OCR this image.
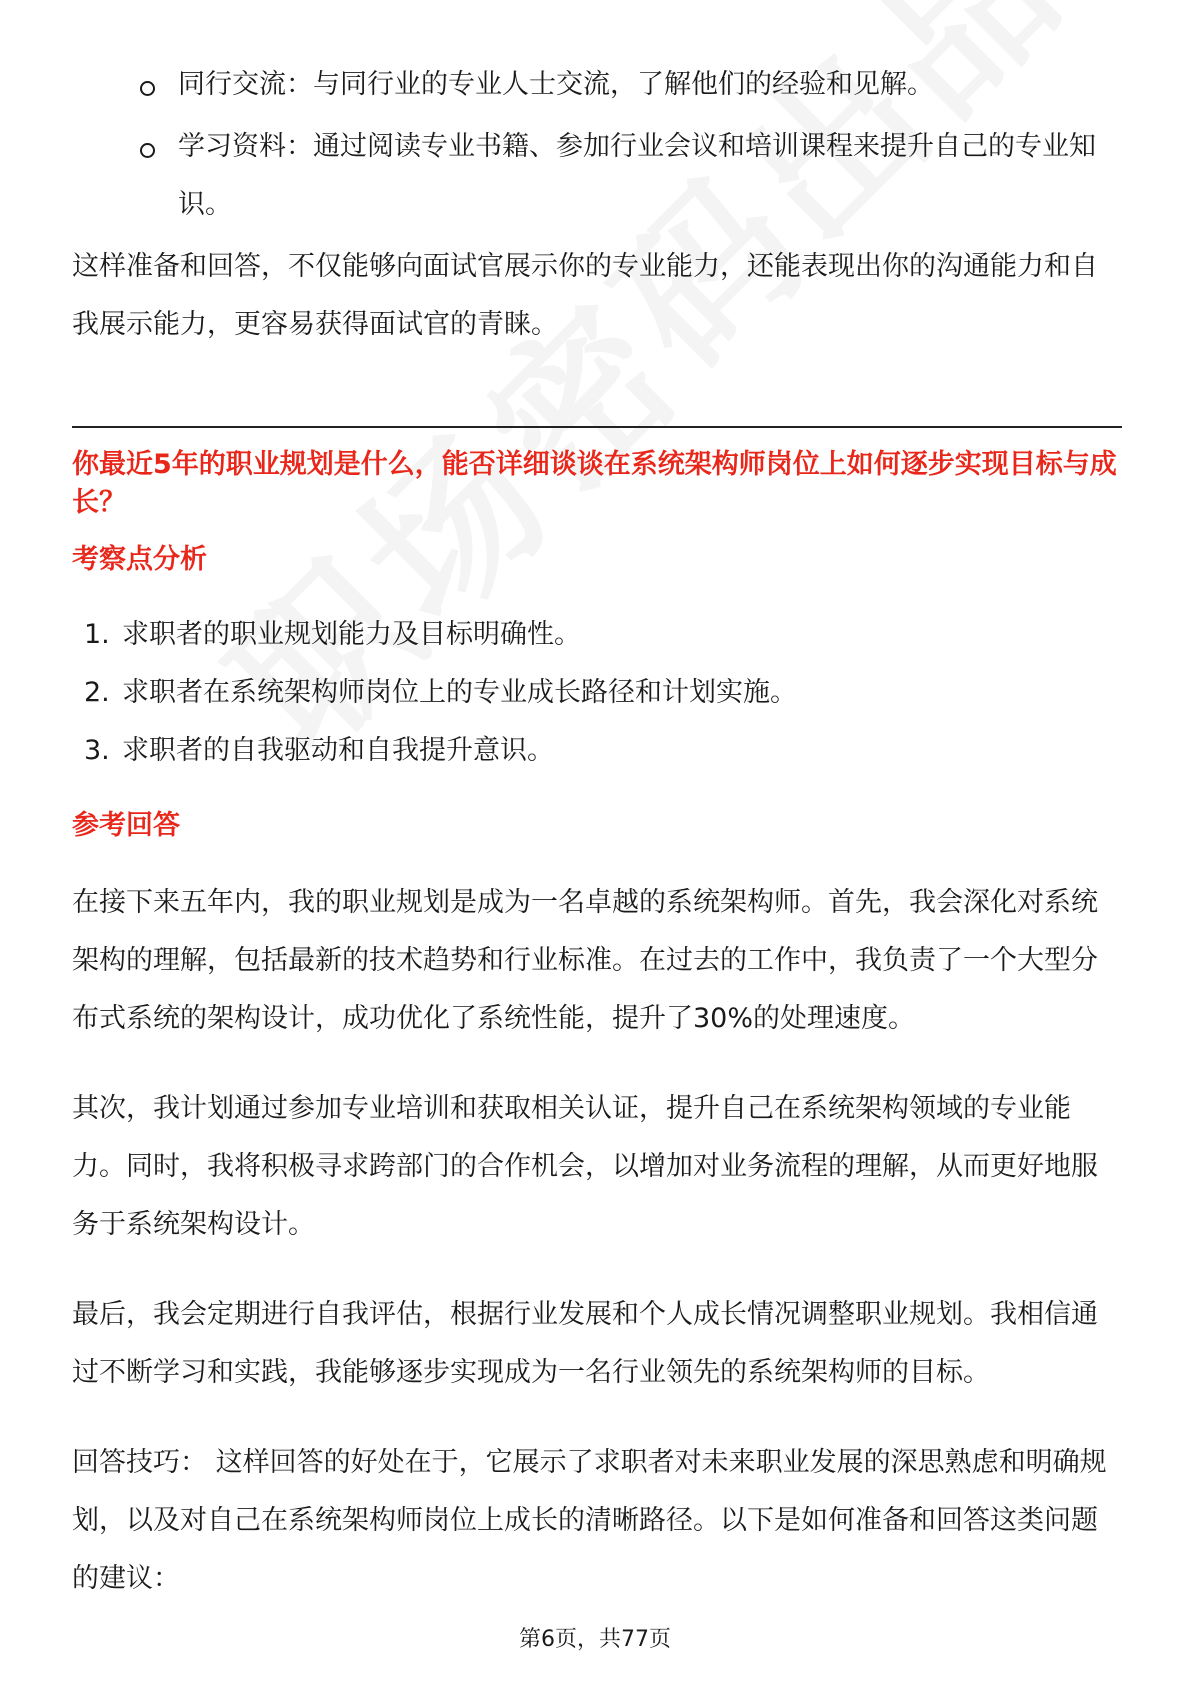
同行交流：与同行业的专业人士交流，了解他们的经验和见解。
学习资料：通过阅读专业书籍、参加行业会议和培训课程来提升自己的专业知识。

这样准备和回答，不仅能够向面试官展示你的专业能力，还能表现出你的沟通能力和自我展示能力，更容易获得面试官的青睐。

你最近5年的职业规划是什么，能否详细谈谈在系统架构师岗位上如何逐步实现目标与成长？

考察点分析

1. 求职者的职业规划能力及目标明确性。
2. 求职者在系统架构师岗位上的专业成长路径和计划实施。
3. 求职者的自我驱动和自我提升意识。

参考回答

在接下来五年内，我的职业规划是成为一名卓越的系统架构师。首先，我会深化对系统架构的理解，包括最新的技术趋势和行业标准。在过去的工作中，我负责了一个大型分布式系统的架构设计，成功优化了系统性能，提升了30%的处理速度。

其次，我计划通过参加专业培训和获取相关认证，提升自己在系统架构领域的专业能力。同时，我将积极寻求跨部门的合作机会，以增加对业务流程的理解，从而更好地服务于系统架构设计。

最后，我会定期进行自我评估，根据行业发展和个人成长情况调整职业规划。我相信通过不断学习和实践，我能够逐步实现成为一名行业领先的系统架构师的目标。

回答技巧： 这样回答的好处在于，它展示了求职者对未来职业发展的深思熟虑和明确规划，以及对自己在系统架构师岗位上成长的清晰路径。以下是如何准备和回答这类问题的建议：

第6页，共77页
